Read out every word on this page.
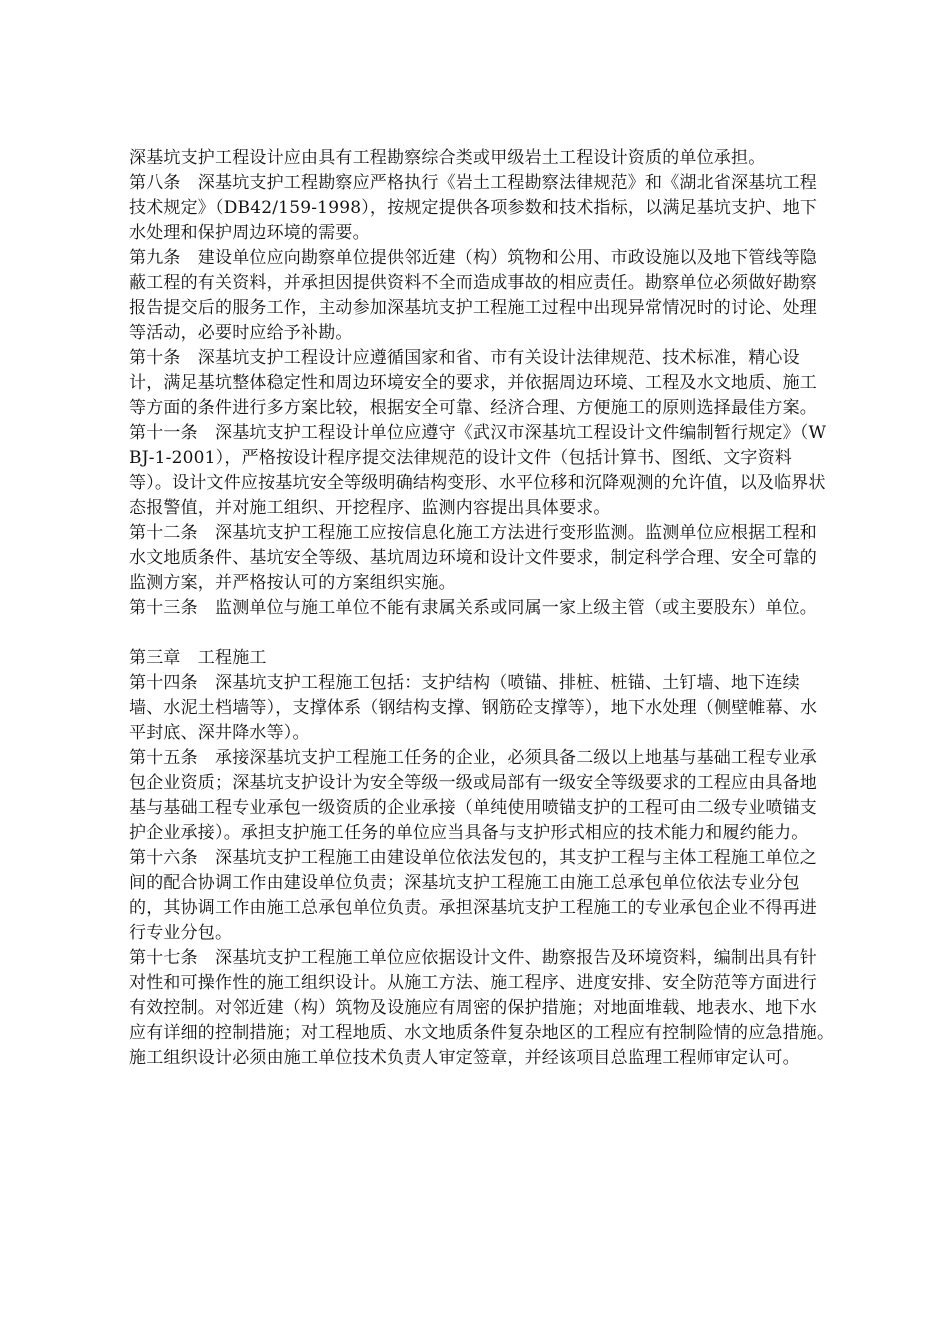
深基坑支护工程设计应由具有工程勘察综合类或甲级岩土工程设计资质的单位承担。

第八条　深基坑支护工程勘察应严格执行《岩土工程勘察法律规范》和《湖北省深基坑工程技术规定》（DB42/159-1998），按规定提供各项参数和技术指标，以满足基坑支护、地下水处理和保护周边环境的需要。

第九条　建设单位应向勘察单位提供邻近建（构）筑物和公用、市政设施以及地下管线等隐蔽工程的有关资料，并承担因提供资料不全而造成事故的相应责任。勘察单位必须做好勘察报告提交后的服务工作，主动参加深基坑支护工程施工过程中出现异常情况时的讨论、处理等活动，必要时应给予补勘。

第十条　深基坑支护工程设计应遵循国家和省、市有关设计法律规范、技术标准，精心设计，满足基坑整体稳定性和周边环境安全的要求，并依据周边环境、工程及水文地质、施工等方面的条件进行多方案比较，根据安全可靠、经济合理、方便施工的原则选择最佳方案。

第十一条　深基坑支护工程设计单位应遵守《武汉市深基坑工程设计文件编制暂行规定》（WBJ-1-2001），严格按设计程序提交法律规范的设计文件（包括计算书、图纸、文字资料等）。设计文件应按基坑安全等级明确结构变形、水平位移和沉降观测的允许值，以及临界状态报警值，并对施工组织、开挖程序、监测内容提出具体要求。

第十二条　深基坑支护工程施工应按信息化施工方法进行变形监测。监测单位应根据工程和水文地质条件、基坑安全等级、基坑周边环境和设计文件要求，制定科学合理、安全可靠的监测方案，并严格按认可的方案组织实施。

第十三条　监测单位与施工单位不能有隶属关系或同属一家上级主管（或主要股东）单位。

第三章　工程施工

第十四条　深基坑支护工程施工包括：支护结构（喷锚、排桩、桩锚、土钉墙、地下连续墙、水泥土档墙等），支撑体系（钢结构支撑、钢筋砼支撑等），地下水处理（侧壁帷幕、水平封底、深井降水等）。

第十五条　承接深基坑支护工程施工任务的企业，必须具备二级以上地基与基础工程专业承包企业资质；深基坑支护设计为安全等级一级或局部有一级安全等级要求的工程应由具备地基与基础工程专业承包一级资质的企业承接（单纯使用喷锚支护的工程可由二级专业喷锚支护企业承接）。承担支护施工任务的单位应当具备与支护形式相应的技术能力和履约能力。

第十六条　深基坑支护工程施工由建设单位依法发包的，其支护工程与主体工程施工单位之间的配合协调工作由建设单位负责；深基坑支护工程施工由施工总承包单位依法专业分包的，其协调工作由施工总承包单位负责。承担深基坑支护工程施工的专业承包企业不得再进行专业分包。

第十七条　深基坑支护工程施工单位应依据设计文件、勘察报告及环境资料，编制出具有针对性和可操作性的施工组织设计。从施工方法、施工程序、进度安排、安全防范等方面进行有效控制。对邻近建（构）筑物及设施应有周密的保护措施；对地面堆载、地表水、地下水应有详细的控制措施；对工程地质、水文地质条件复杂地区的工程应有控制险情的应急措施。　　　　施工组织设计必须由施工单位技术负责人审定签章，并经该项目总监理工程师审定认可。
